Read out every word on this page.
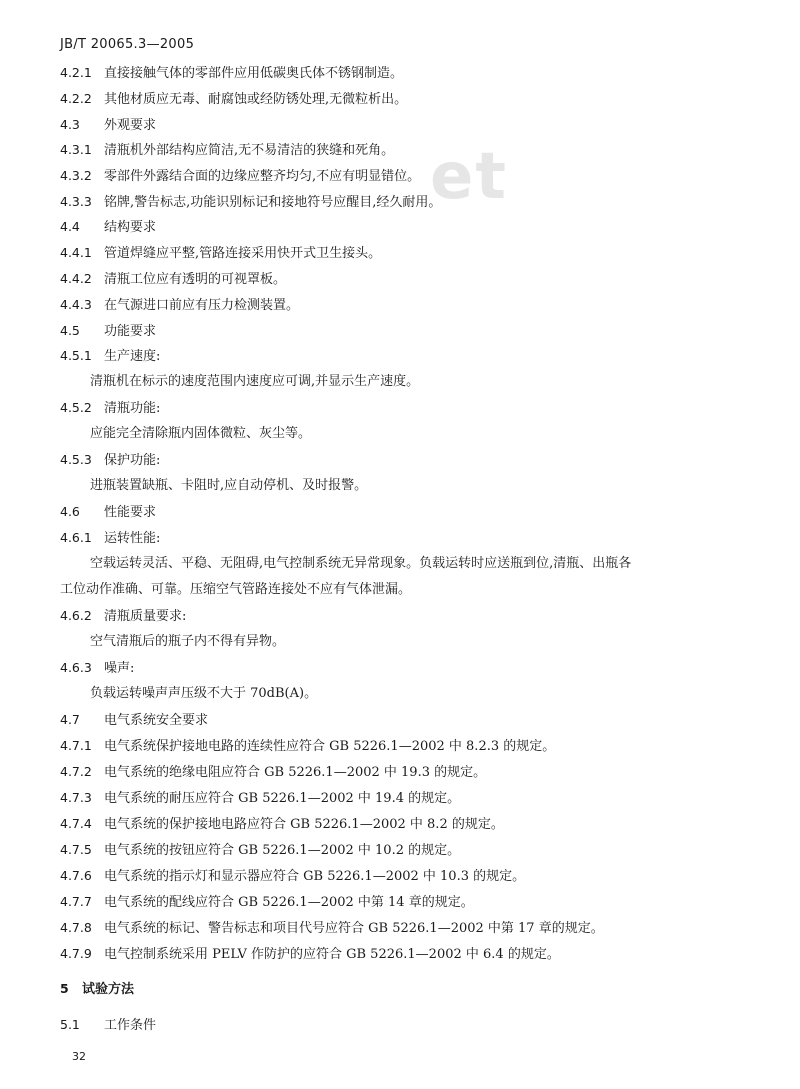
JB/T 20065.3—2005
et
4.2.1 直接接触气体的零部件应用低碳奥氏体不锈钢制造。
4.2.2 其他材质应无毒、耐腐蚀或经防锈处理,无微粒析出。
4.3 外观要求
4.3.1 清瓶机外部结构应简洁,无不易清洁的狭缝和死角。
4.3.2 零部件外露结合面的边缘应整齐均匀,不应有明显错位。
4.3.3 铭牌,警告标志,功能识别标记和接地符号应醒目,经久耐用。
4.4 结构要求
4.4.1 管道焊缝应平整,管路连接采用快开式卫生接头。
4.4.2 清瓶工位应有透明的可视罩板。
4.4.3 在气源进口前应有压力检测装置。
4.5 功能要求
4.5.1 生产速度:
清瓶机在标示的速度范围内速度应可调,并显示生产速度。
4.5.2 清瓶功能:
应能完全清除瓶内固体微粒、灰尘等。
4.5.3 保护功能:
进瓶装置缺瓶、卡阻时,应自动停机、及时报警。
4.6 性能要求
4.6.1 运转性能:
空载运转灵活、平稳、无阻碍,电气控制系统无异常现象。负载运转时应送瓶到位,清瓶、出瓶各
工位动作准确、可靠。压缩空气管路连接处不应有气体泄漏。
4.6.2 清瓶质量要求:
空气清瓶后的瓶子内不得有异物。
4.6.3 噪声:
负载运转噪声声压级不大于 70dB(A)。
4.7 电气系统安全要求
4.7.1 电气系统保护接地电路的连续性应符合 GB 5226.1—2002 中 8.2.3 的规定。
4.7.2 电气系统的绝缘电阻应符合 GB 5226.1—2002 中 19.3 的规定。
4.7.3 电气系统的耐压应符合 GB 5226.1—2002 中 19.4 的规定。
4.7.4 电气系统的保护接地电路应符合 GB 5226.1—2002 中 8.2 的规定。
4.7.5 电气系统的按钮应符合 GB 5226.1—2002 中 10.2 的规定。
4.7.6 电气系统的指示灯和显示器应符合 GB 5226.1—2002 中 10.3 的规定。
4.7.7 电气系统的配线应符合 GB 5226.1—2002 中第 14 章的规定。
4.7.8 电气系统的标记、警告标志和项目代号应符合 GB 5226.1—2002 中第 17 章的规定。
4.7.9 电气控制系统采用 PELV 作防护的应符合 GB 5226.1—2002 中 6.4 的规定。
5 试验方法
5.1 工作条件
32
